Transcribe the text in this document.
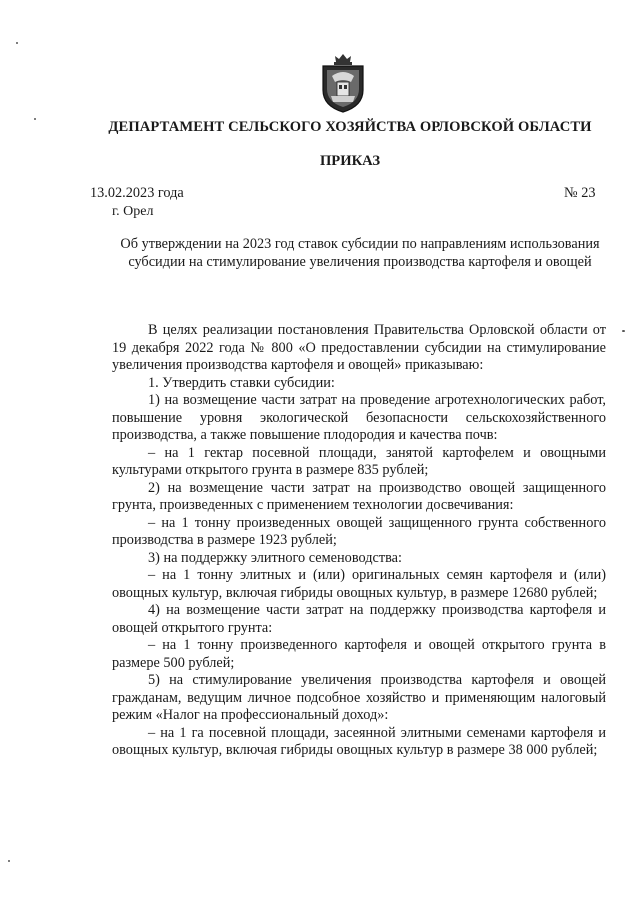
ДЕПАРТАМЕНТ СЕЛЬСКОГО ХОЗЯЙСТВА ОРЛОВСКОЙ ОБЛАСТИ
ПРИКАЗ
13.02.2023 года
г. Орел
№ 23
Об утверждении на 2023 год ставок субсидии по направлениям использования субсидии на стимулирование увеличения производства картофеля и овощей

В целях реализации постановления Правительства Орловской области от 19 декабря 2022 года № 800 «О предоставлении субсидии на стимулирование увеличения производства картофеля и овощей» приказываю:

1. Утвердить ставки субсидии:

1) на возмещение части затрат на проведение агротехнологических работ, повышение уровня экологической безопасности сельскохозяйственного производства, а также повышение плодородия и качества почв:

– на 1 гектар посевной площади, занятой картофелем и овощными культурами открытого грунта в размере 835 рублей;

2) на возмещение части затрат на производство овощей защищенного грунта, произведенных с применением технологии досвечивания:

– на 1 тонну произведенных овощей защищенного грунта собственного производства в размере 1923 рублей;

3) на поддержку элитного семеноводства:

– на 1 тонну элитных и (или) оригинальных семян картофеля и (или) овощных культур, включая гибриды овощных культур, в размере 12680 рублей;

4) на возмещение части затрат на поддержку производства картофеля и овощей открытого грунта:

– на 1 тонну произведенного картофеля и овощей открытого грунта в размере 500 рублей;

5) на стимулирование увеличения производства картофеля и овощей гражданам, ведущим личное подсобное хозяйство и применяющим налоговый режим «Налог на профессиональный доход»:

– на 1 га посевной площади, засеянной элитными семенами картофеля и овощных культур, включая гибриды овощных культур в размере 38 000 рублей;
